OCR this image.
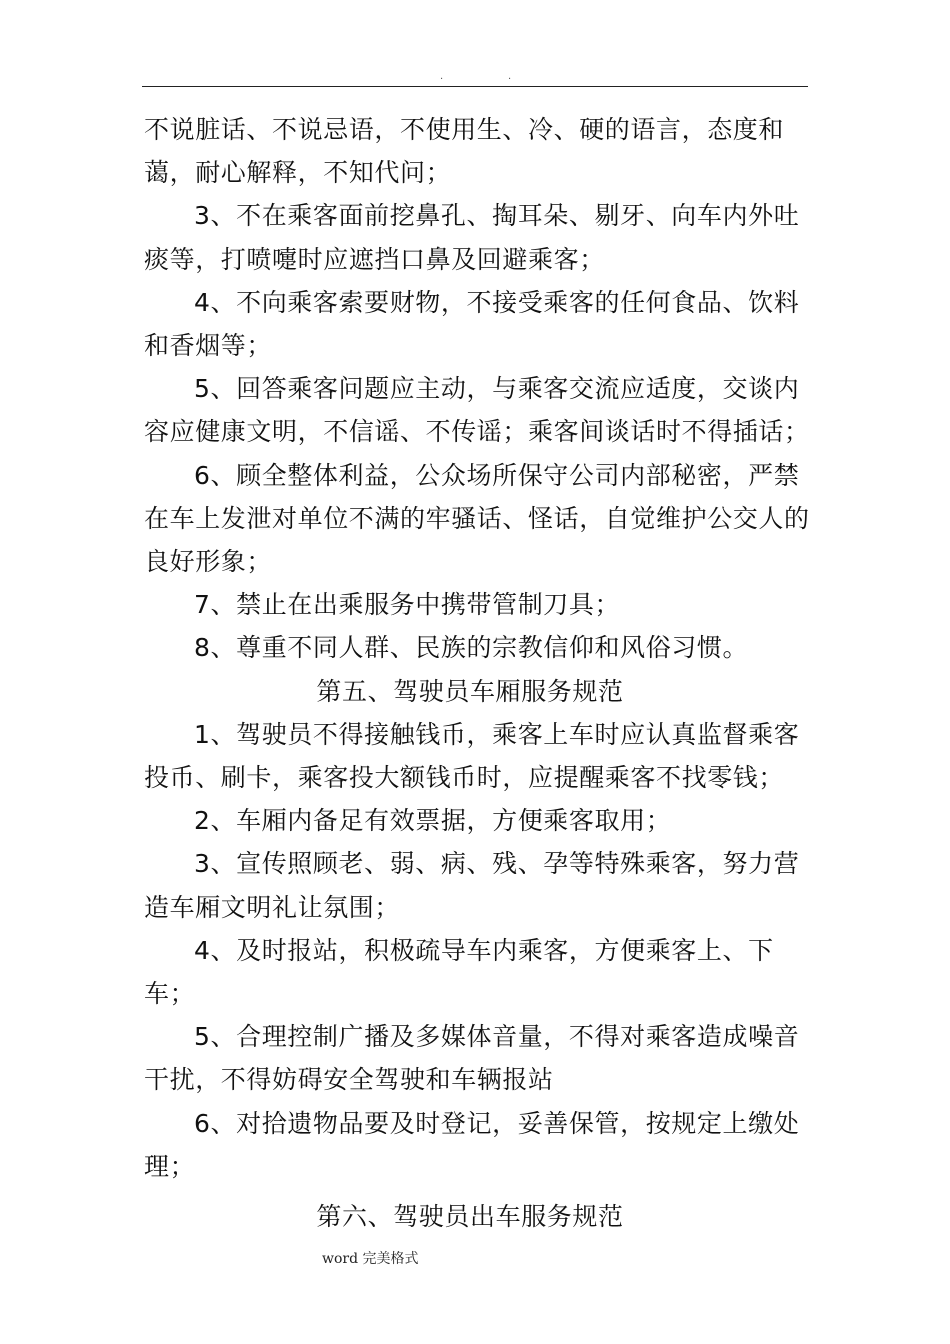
.	.

不说脏话、不说忌语，不使用生、冷、硬的语言，态度和蔼，耐心解释，不知代问；

3、不在乘客面前挖鼻孔、掏耳朵、剔牙、向车内外吐痰等，打喷嚏时应遮挡口鼻及回避乘客；

4、不向乘客索要财物，不接受乘客的任何食品、饮料和香烟等；

5、回答乘客问题应主动，与乘客交流应适度，交谈内容应健康文明，不信谣、不传谣；乘客间谈话时不得插话；

6、顾全整体利益，公众场所保守公司内部秘密，严禁在车上发泄对单位不满的牢骚话、怪话，自觉维护公交人的良好形象；

7、禁止在出乘服务中携带管制刀具；

8、尊重不同人群、民族的宗教信仰和风俗习惯。

第五、驾驶员车厢服务规范

1、驾驶员不得接触钱币，乘客上车时应认真监督乘客投币、刷卡，乘客投大额钱币时，应提醒乘客不找零钱；

2、车厢内备足有效票据，方便乘客取用；

3、宣传照顾老、弱、病、残、孕等特殊乘客，努力营造车厢文明礼让氛围；

4、及时报站，积极疏导车内乘客，方便乘客上、下车；

5、合理控制广播及多媒体音量，不得对乘客造成噪音干扰，不得妨碍安全驾驶和车辆报站

6、对拾遗物品要及时登记，妥善保管，按规定上缴处理；

第六、驾驶员出车服务规范

word 完美格式
